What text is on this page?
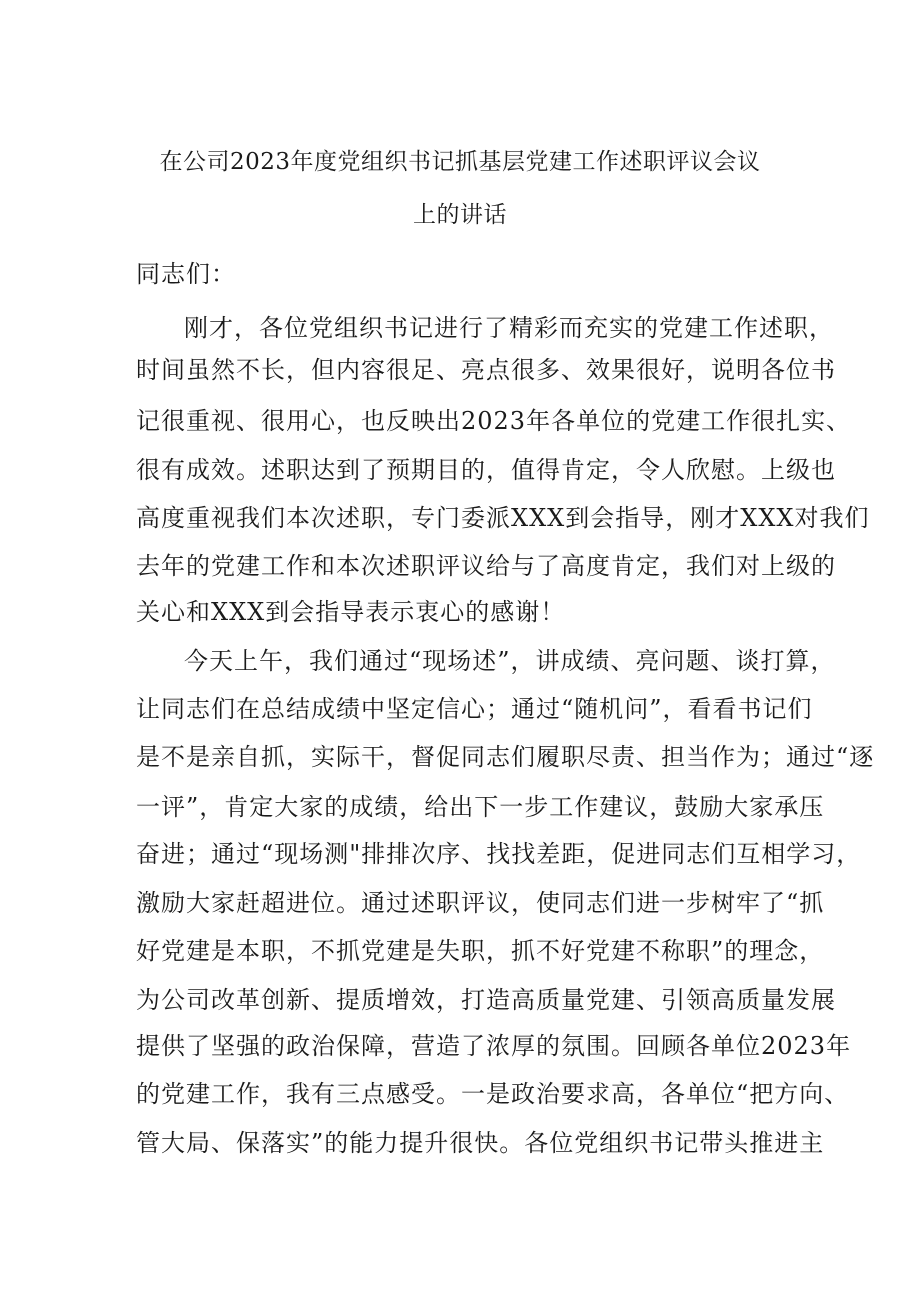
在公司2023年度党组织书记抓基层党建工作述职评议会议
上的讲话
同志们：
刚才，各位党组织书记进行了精彩而充实的党建工作述职，
时间虽然不长，但内容很足、亮点很多、效果很好，说明各位书
记很重视、很用心，也反映出2023年各单位的党建工作很扎实、
很有成效。述职达到了预期目的，值得肯定，令人欣慰。上级也
高度重视我们本次述职，专门委派XXX到会指导，刚才XXX对我们
去年的党建工作和本次述职评议给与了高度肯定，我们对上级的
关心和XXX到会指导表示衷心的感谢！
今天上午，我们通过“现场述”，讲成绩、亮问题、谈打算，
让同志们在总结成绩中坚定信心；通过“随机问”，看看书记们
是不是亲自抓，实际干，督促同志们履职尽责、担当作为；通过“逐
一评”，肯定大家的成绩，给出下一步工作建议，鼓励大家承压
奋进；通过“现场测"排排次序、找找差距，促进同志们互相学习，
激励大家赶超进位。通过述职评议，使同志们进一步树牢了“抓
好党建是本职，不抓党建是失职，抓不好党建不称职”的理念，
为公司改革创新、提质增效，打造高质量党建、引领高质量发展
提供了坚强的政治保障，营造了浓厚的氛围。回顾各单位2023年
的党建工作，我有三点感受。一是政治要求高，各单位“把方向、
管大局、保落实”的能力提升很快。各位党组织书记带头推进主
